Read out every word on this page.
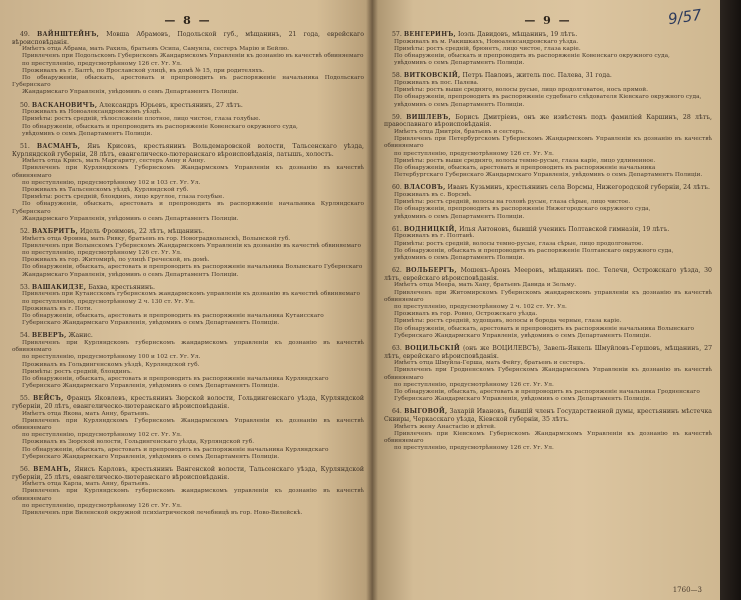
— 8 —
49. ВАЙНШТЕЙНЪ, Мовша Абрамовъ, Подольской губ., мѣщанинъ, 21 года, еврейскаго вѣроисповѣданія.
Имѣетъ отца Абрама, мать Рахиль, братьевъ Осипа, Самуила, сестеръ Марію и Бейлю.
Привлеченъ при Подольскомъ Губернскомъ Жандармскомъ Управленіи къ дознанію въ качествѣ обвиняемаго
по преступленію, предусмотрѣнному 126 ст. Уг. Ул.
Проживалъ въ г. Балтѣ, по Ярославской улицѣ, въ домѣ № 15, при родителяхъ.
По обнаруженіи, обыскать, арестовать и препроводить въ распоряженіе начальника Подольскаго Губернскаго
Жандармскаго Управленія, увѣдомивъ о семъ Департаментъ Полиціи.
50. ВАСКАНОВИЧЪ, Александръ Юрьевъ, крестьянинъ, 27 лѣтъ.
Проживалъ въ Новоалександровскомъ уѣздѣ.
Примѣты: ростъ средній, тѣлосложеніе плотное, лицо чистое, глаза голубые.
По обнаруженіи, обыскать и препроводить въ распоряженіе Ковенскаго окружного суда,
увѣдомивъ о семъ Департаментъ Полиціи.
51. ВАСМАНЪ, Янъ Крисовъ, крестьянинъ Вольдемаровской волости, Тальсенскаго уѣзда, Курляндской губерніи, 28 лѣтъ, евангелическо-лютеранскаго вѣроисповѣданія, латышъ, холостъ.
Имѣетъ отца Крисъ, мать Маргариту, сестеръ Анну и Анну.
Привлеченъ при Курляндскомъ Губернскомъ Жандармскомъ Управленіи къ дознанію въ качествѣ обвиняемаго
по преступленію, предусмотрѣнному 102 и 103 ст. Уг. Ул.
Проживалъ въ Тальсенскомъ уѣздѣ, Курляндской губ.
Примѣты: ростъ средній, блондинъ, лицо круглое, глаза голубые.
По обнаруженіи, обыскать, арестовать и препроводить въ распоряженіе начальника Курляндскаго Губернскаго
Жандармскаго Управленія, увѣдомивъ о семъ Департаментъ Полиціи.
52. ВАХБРИТЪ, Идель Фроимовъ, 22 лѣтъ, мѣщанинъ.
Имѣетъ отца Фроима, мать Ривку, братьевъ въ гор. Новоградволынскѣ, Волынской губ.
Привлеченъ при Волынскомъ Губернскомъ Жандармскомъ Управленіи къ дознанію въ качествѣ обвиняемаго
по преступленію, предусмотрѣнному 126 ст. Уг. Ул.
Проживалъ въ гор. Житомирѣ, по улицѣ Греческой, въ домѣ.
По обнаруженіи, обыскать, арестовать и препроводить въ распоряженіе начальника Волынскаго Губернскаго
Жандармскаго Управленія, увѣдомивъ о семъ Департаментъ Полиціи.
53. ВАШАКИДЗЕ, Бахва, крестьянинъ.
Привлеченъ при Кутаисскомъ губернскомъ жандармскомъ управленіи къ дознанію въ качествѣ обвиняемаго
по преступленію, предусмотрѣнному 2 ч. 130 ст. Уг. Ул.
Проживалъ въ г. Поти.
По обнаруженіи, обыскать, арестовать и препроводить въ распоряженіе начальника Кутаисскаго
Губернскаго Жандармскаго Управленія, увѣдомивъ о семъ Департаментъ Полиціи.
54. ВЕВЕРЪ, Жанис.
Привлеченъ при Курляндскомъ губернскомъ жандармскомъ управленіи къ дознанію въ качествѣ обвиняемаго
по преступленію, предусмотрѣнному 100 и 102 ст. Уг. Ул.
Проживалъ въ Гольдингенскомъ уѣздѣ, Курляндской губ.
Примѣты: ростъ средній, блондинъ.
По обнаруженіи, обыскать, арестовать и препроводить въ распоряженіе начальника Курляндскаго
Губернскаго Жандармскаго Управленія, увѣдомивъ о семъ Департаментъ Полиціи.
55. ВЕЙСЪ, Францъ Яковлевъ, крестьянинъ Зюрской волости, Гольдингенскаго уѣзда, Курляндской губерніи, 20 лѣтъ, евангелическо-лютеранскаго вѣроисповѣданія.
Имѣетъ отца Якова, мать Анну, братьевъ.
Привлеченъ при Курляндскомъ Губернскомъ Жандармскомъ Управленіи къ дознанію въ качествѣ обвиняемаго
по преступленію, предусмотрѣнному 102 ст. Уг. Ул.
Проживалъ въ Зюрской волости, Гольдингенскаго уѣзда, Курляндской губ.
По обнаруженіи, обыскать, арестовать и препроводить въ распоряженіе начальника Курляндскаго
Губернскаго Жандармскаго Управленія, увѣдомивъ о семъ Департаментъ Полиціи.
56. ВЕМАНЪ, Янисъ Карловъ, крестьянинъ Вангенской волости, Тальсенскаго уѣзда, Курляндской губерніи, 25 лѣтъ, евангелическо-лютеранскаго вѣроисповѣданія.
Имѣетъ отца Карла, мать Анну, братьевъ.
Привлеченъ при Курляндскомъ губернскомъ жандармскомъ управленіи къ дознанію въ качествѣ обвиняемаго
по преступленію, предусмотрѣнному 126 ст. Уг. Ул.
Привлеченъ при Виленской окружной психіатрической лечебницѣ въ гор. Ново-Вилейскѣ.
— 9 —	9/57
57. ВЕНГЕРИНЪ, Іоэль Давидовъ, мѣщанинъ, 19 лѣтъ.
Проживалъ въ м. Ракишкахъ, Новоалександровскаго уѣзда.
Примѣты: ростъ средній, брюнетъ, лицо чистое, глаза карie.
По обнаруженіи, обыскать и препроводить въ распоряженіе Ковенскаго окружного суда,
увѣдомивъ о семъ Департаментъ Полиціи.
58. ВИТКОВСКІЙ, Петръ Павловъ, житель пос. Палева, 31 года.
Проживалъ въ пос. Палева.
Примѣты: ростъ выше средняго, волосы русые, лицо продолговатое, носъ прямой.
По обнаруженіи, препроводить въ распоряженіе судебнаго слѣдователя Кіевскаго окружного суда,
увѣдомивъ о семъ Департаментъ Полиціи.
59. ВИШЛЕВЪ, Борисъ Дмитріевъ, онъ же извѣстенъ подъ фамиліей Каршинъ, 28 лѣтъ, православнаго вѣроисповѣданія.
Имѣетъ отца Дмитрія, братьевъ и сестеръ.
Привлеченъ при Петербургскомъ Губернскомъ Жандармскомъ Управленіи къ дознанію въ качествѣ обвиняемаго
по преступленію, предусмотрѣнному 126 ст. Уг. Ул.
Примѣты: ростъ выше средняго, волосы темно-русые, глаза каріе, лицо удлиненное.
По обнаруженіи, обыскать, арестовать и препроводить въ распоряженіе начальника
Петербургскаго Губернскаго Жандармскаго Управленія, увѣдомивъ о семъ Департаментъ Полиціи.
60. ВЛАСОВЪ, Иванъ Кузьминъ, крестьянинъ села Ворсмы, Нижегородской губерніи, 24 лѣтъ.
Проживалъ въ с. Ворсмѣ.
Примѣты: ростъ средній, волосы на головѣ русые, глаза сѣрые, лицо чистое.
По обнаруженіи, препроводить въ распоряженіе Нижегородскаго окружного суда,
увѣдомивъ о семъ Департаментъ Полиціи.
61. ВОДНИЦКІЙ, Илья Антоновъ, бывшій ученикъ Полтавской гимназіи, 19 лѣтъ.
Проживалъ въ г. Полтавѣ.
Примѣты: ростъ средній, волосы темно-русые, глаза сѣрые, лицо продолговатое.
По обнаруженіи, обыскать и препроводить въ распоряженіе Полтавскаго окружного суда,
увѣдомивъ о семъ Департаментъ Полиціи.
62. ВОЛЬБЕРГЪ, Мошекъ-Аронъ Мееровъ, мѣщанинъ пос. Телечи, Острожскаго уѣзда, 30 лѣтъ, еврейскаго вѣроисповѣданія.
Имѣетъ отца Меера, мать Хану, братьевъ Давида и Зельму.
Привлеченъ при Житомирскомъ Губернскомъ жандармскомъ управленіи къ дознанію въ качествѣ обвиняемаго
по преступленію, предусмотрѣнному 2 ч. 102 ст. Уг. Ул.
Проживалъ въ гор. Ровно, Острожскаго уѣзда.
Примѣты: ростъ средній, худощавъ, волосы и борода черные, глаза каріе.
По обнаруженіи, обыскать, арестовать и препроводить въ распоряженіе начальника Волынскаго
Губернскаго Жандармскаго Управленія, увѣдомивъ о семъ Департаментъ Полиціи.
63. ВОЦИЛЬСКІЙ (онъ же ВОЦИЛЕВСЪ), Завель-Янкель Шмуйловъ-Гершовъ, мѣщанинъ, 27 лѣтъ, еврейскаго вѣроисповѣданія.
Имѣетъ отца Шмуйла-Герша, мать Фейгу, братьевъ и сестеръ.
Привлеченъ при Гродненскомъ Губернскомъ Жандармскомъ Управленіи къ дознанію въ качествѣ обвиняемаго
по преступленію, предусмотрѣнному 126 ст. Уг. Ул.
По обнаруженіи, обыскать, арестовать и препроводить въ распоряженіе начальника Гродненскаго
Губернскаго Жандармскаго Управленія, увѣдомивъ о семъ Департаментъ Полиціи.
64. ВЫГОВОЙ, Захарій Ивановъ, бывшій членъ Государственной думы, крестьянинъ мѣстечка Сквиры, Черкасскаго уѣзда, Кіевской губерніи, 35 лѣтъ.
Имѣетъ жену Анастасію и дѣтей.
Привлеченъ при Кіевскомъ Губернскомъ Жандармскомъ Управленіи къ дознанію въ качествѣ обвиняемаго
по преступленію, предусмотрѣнному 126 ст. Уг. Ул.
1760—3
